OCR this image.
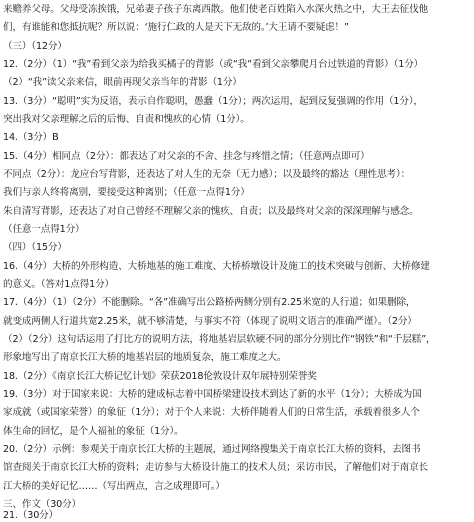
来赡养父母。父母受冻挨饿，兄弟妻子孩子东离西散。他们使老百姓陷入水深火热之中，大王去征伐他
们，有谁能和您抵抗呢？所以说：‘施行仁政的人是天下无敌的。’大王请不要疑虑！”
（三）（12分）
12.（2分）（1）“我”看到父亲为给我买橘子的背影（或“我”看到父亲攀爬月台过铁道的背影）（1分）
（2）“我”读父亲来信，眼前再现父亲当年的背影（1分）
13.（3分）“聪明”实为反语，表示自作聪明，愚蠢（1分）；两次运用，起到反复强调的作用（1分），
突出我对父亲理解之后的后悔、自责和愧疚的心情（1分）。
14.（3分）B
15.（4分）相同点（2分）：都表达了对父亲的不舍、挂念与疼惜之情；（任意两点即可）
不同点（2分）：龙应台写背影，还表达了对人生的无奈（无力感）；以及最终的豁达（理性思考）：
我们与亲人终将离别，要接受这种离别；（任意一点得1分）
朱自清写背影，还表达了对自己曾经不理解父亲的愧疚、自责；以及最终对父亲的深深理解与感念。
（任意一点得1分）
（四）（15分）
16.（4分）大桥的外形构造、大桥地基的施工难度、大桥桥墩设计及施工的技术突破与创新、大桥修建
的意义。（答对1点得1分）
17.（4分）（1）（2分）不能删除。“各”准确写出公路桥两侧分别有2.25米宽的人行道；如果删除，
就变成两侧人行道共宽2.25米，就不够清楚，与事实不符（体现了说明文语言的准确严谨）。（2分）
（2）（2分）这句话运用了打比方的说明方法，将地基岩层软硬不同的部分分别比作“钢铁”和“千层糕”，
形象地写出了南京长江大桥的地基岩层的地质复杂，施工难度之大。
18.（2分）《南京长江大桥记忆计划》荣获2018伦敦设计双年展特别荣誉奖
19.（3分）对于国家来说：大桥的建成标志着中国桥梁建设技术到达了新的水平（1分）；大桥成为国
家成就（或国家荣誉）的象征（1分）；对于个人来说：大桥伴随着人们的日常生活，承载着很多人个
体生命的回忆，是个人福祉的象征（1分）。
20.（2分）示例：参观关于南京长江大桥的主题展，通过网络搜集关于南京长江大桥的资料，去图书
馆查阅关于南京长江大桥的资料；走访参与大桥设计施工的技术人员；采访市民，了解他们对于南京长
江大桥的美好记忆……（写出两点，言之成理即可。）
三、作文（30分）
21.（30分）
